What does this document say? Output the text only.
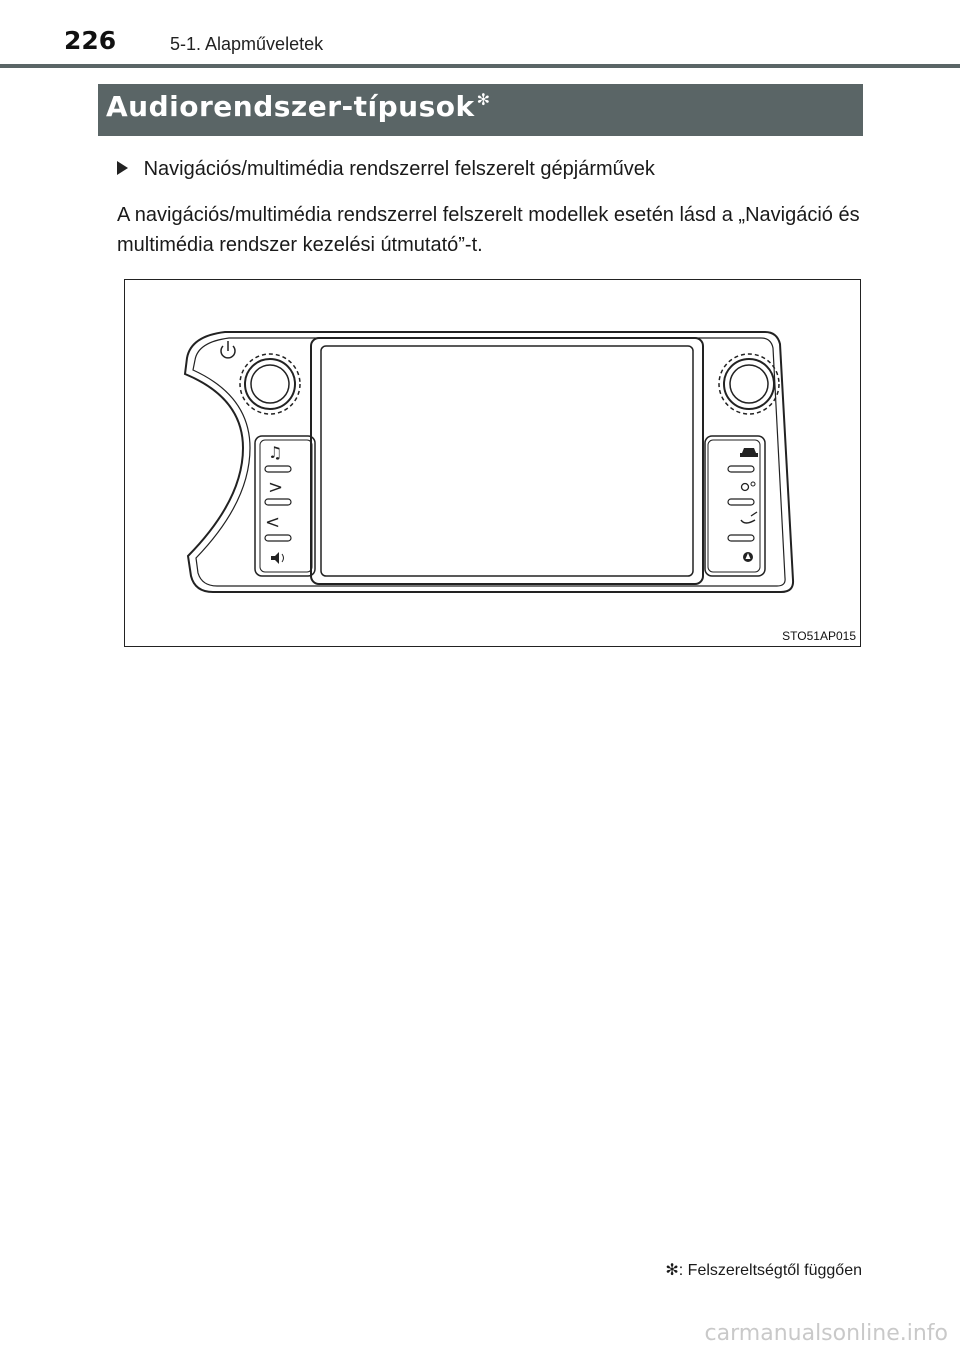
226	5-1. Alapműveletek
Audiorendszer-típusok ✻
Navigációs/multimédia rendszerrel felszerelt gépjárművek
A navigációs/multimédia rendszerrel felszerelt modellek esetén lásd a „Navigáció és multimédia rendszer kezelési útmutató”-t.
♫
>
<
STO51AP015
✻: Felszereltségtől függően
carmanualsonline.info
